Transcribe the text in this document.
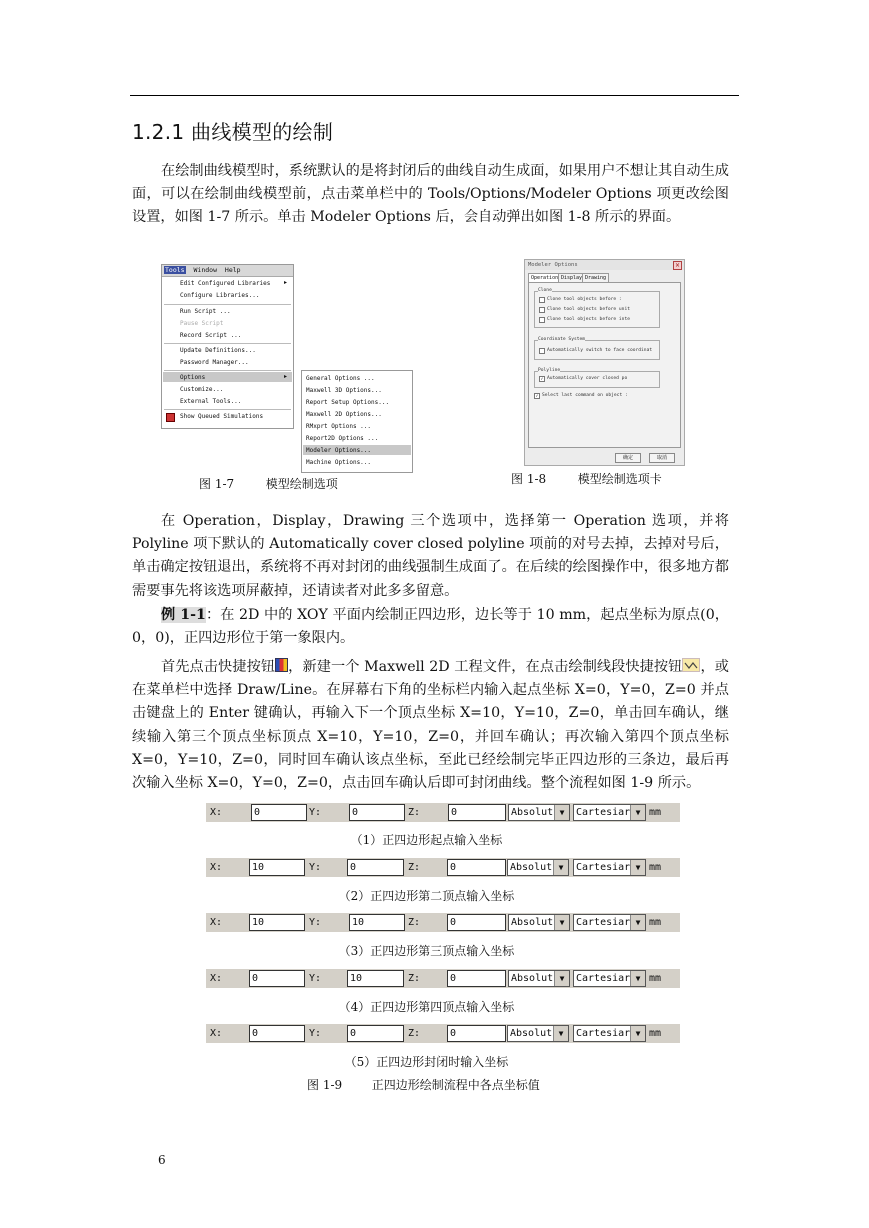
1.2.1 曲线模型的绘制

在绘制曲线模型时，系统默认的是将封闭后的曲线自动生成面，如果用户不想让其自动生成面，可以在绘制曲线模型前，点击菜单栏中的 Tools/Options/Modeler Options 项更改绘图设置，如图 1-7 所示。单击 Modeler Options 后，会自动弹出如图 1-8 所示的界面。

Tools Window Help
Edit Configured Libraries ▸
Configure Libraries...
Run Script ...
Pause Script
Record Script ...
Update Definitions...
Password Manager...
Options	▸
Customize...
External Tools...
Show Queued Simulations
General Options ...
Maxwell 3D Options...
Report Setup Options...
Maxwell 2D Options...
RMxprt Options ...
Report2D Options ...
Modeler Options...
Machine Options...
图 1-7	模型绘制选项
Modeler Options	×
Operation Display Drawing
Clone
Clone tool objects before :
Clone tool objects before unit
Clone tool objects before inte
Coordinate System
Automatically switch to face coordinat
Polyline
✓ Automatically cover closed po
✓ Select last command on object :
确定	取消
图 1-8	模型绘制选项卡

在 Operation，Display，Drawing 三个选项中，选择第一 Operation 选项，并将 Polyline 项下默认的 Automatically cover closed polyline 项前的对号去掉，去掉对号后，单击确定按钮退出，系统将不再对封闭的曲线强制生成面了。在后续的绘图操作中，很多地方都需要事先将该选项屏蔽掉，还请读者对此多多留意。

例 1-1：在 2D 中的 XOY 平面内绘制正四边形，边长等于 10 mm，起点坐标为原点(0，0，0)，正四边形位于第一象限内。

首先点击快捷按钮 ，新建一个 Maxwell 2D 工程文件，在点击绘制线段快捷按钮 ，或在菜单栏中选择 Draw/Line。在屏幕右下角的坐标栏内输入起点坐标 X=0，Y=0，Z=0 并点击键盘上的 Enter 键确认，再输入下一个顶点坐标 X=10，Y=10，Z=0，单击回车确认，继续输入第三个顶点坐标顶点 X=10，Y=10，Z=0，并回车确认；再次输入第四个顶点坐标 X=0，Y=10，Z=0，同时回车确认该点坐标，至此已经绘制完毕正四边形的三条边，最后再次输入坐标 X=0，Y=0，Z=0，点击回车确认后即可封闭曲线。整个流程如图 1-9 所示。

X:	0	Y:	0	Z:	0	Absolut ▼	Cartesiar ▼ mm
（1）正四边形起点输入坐标
X:	10	Y:	0	Z:	0	Absolut ▼	Cartesiar ▼ mm
（2）正四边形第二顶点输入坐标
X:	10	Y:	10	Z:	0	Absolut ▼	Cartesiar ▼ mm
（3）正四边形第三顶点输入坐标
X:	0	Y:	10	Z:	0	Absolut ▼	Cartesiar ▼ mm
（4）正四边形第四顶点输入坐标
X:	0	Y:	0	Z:	0	Absolut ▼	Cartesiar ▼ mm
（5）正四边形封闭时输入坐标
图 1-9 正四边形绘制流程中各点坐标值
6
